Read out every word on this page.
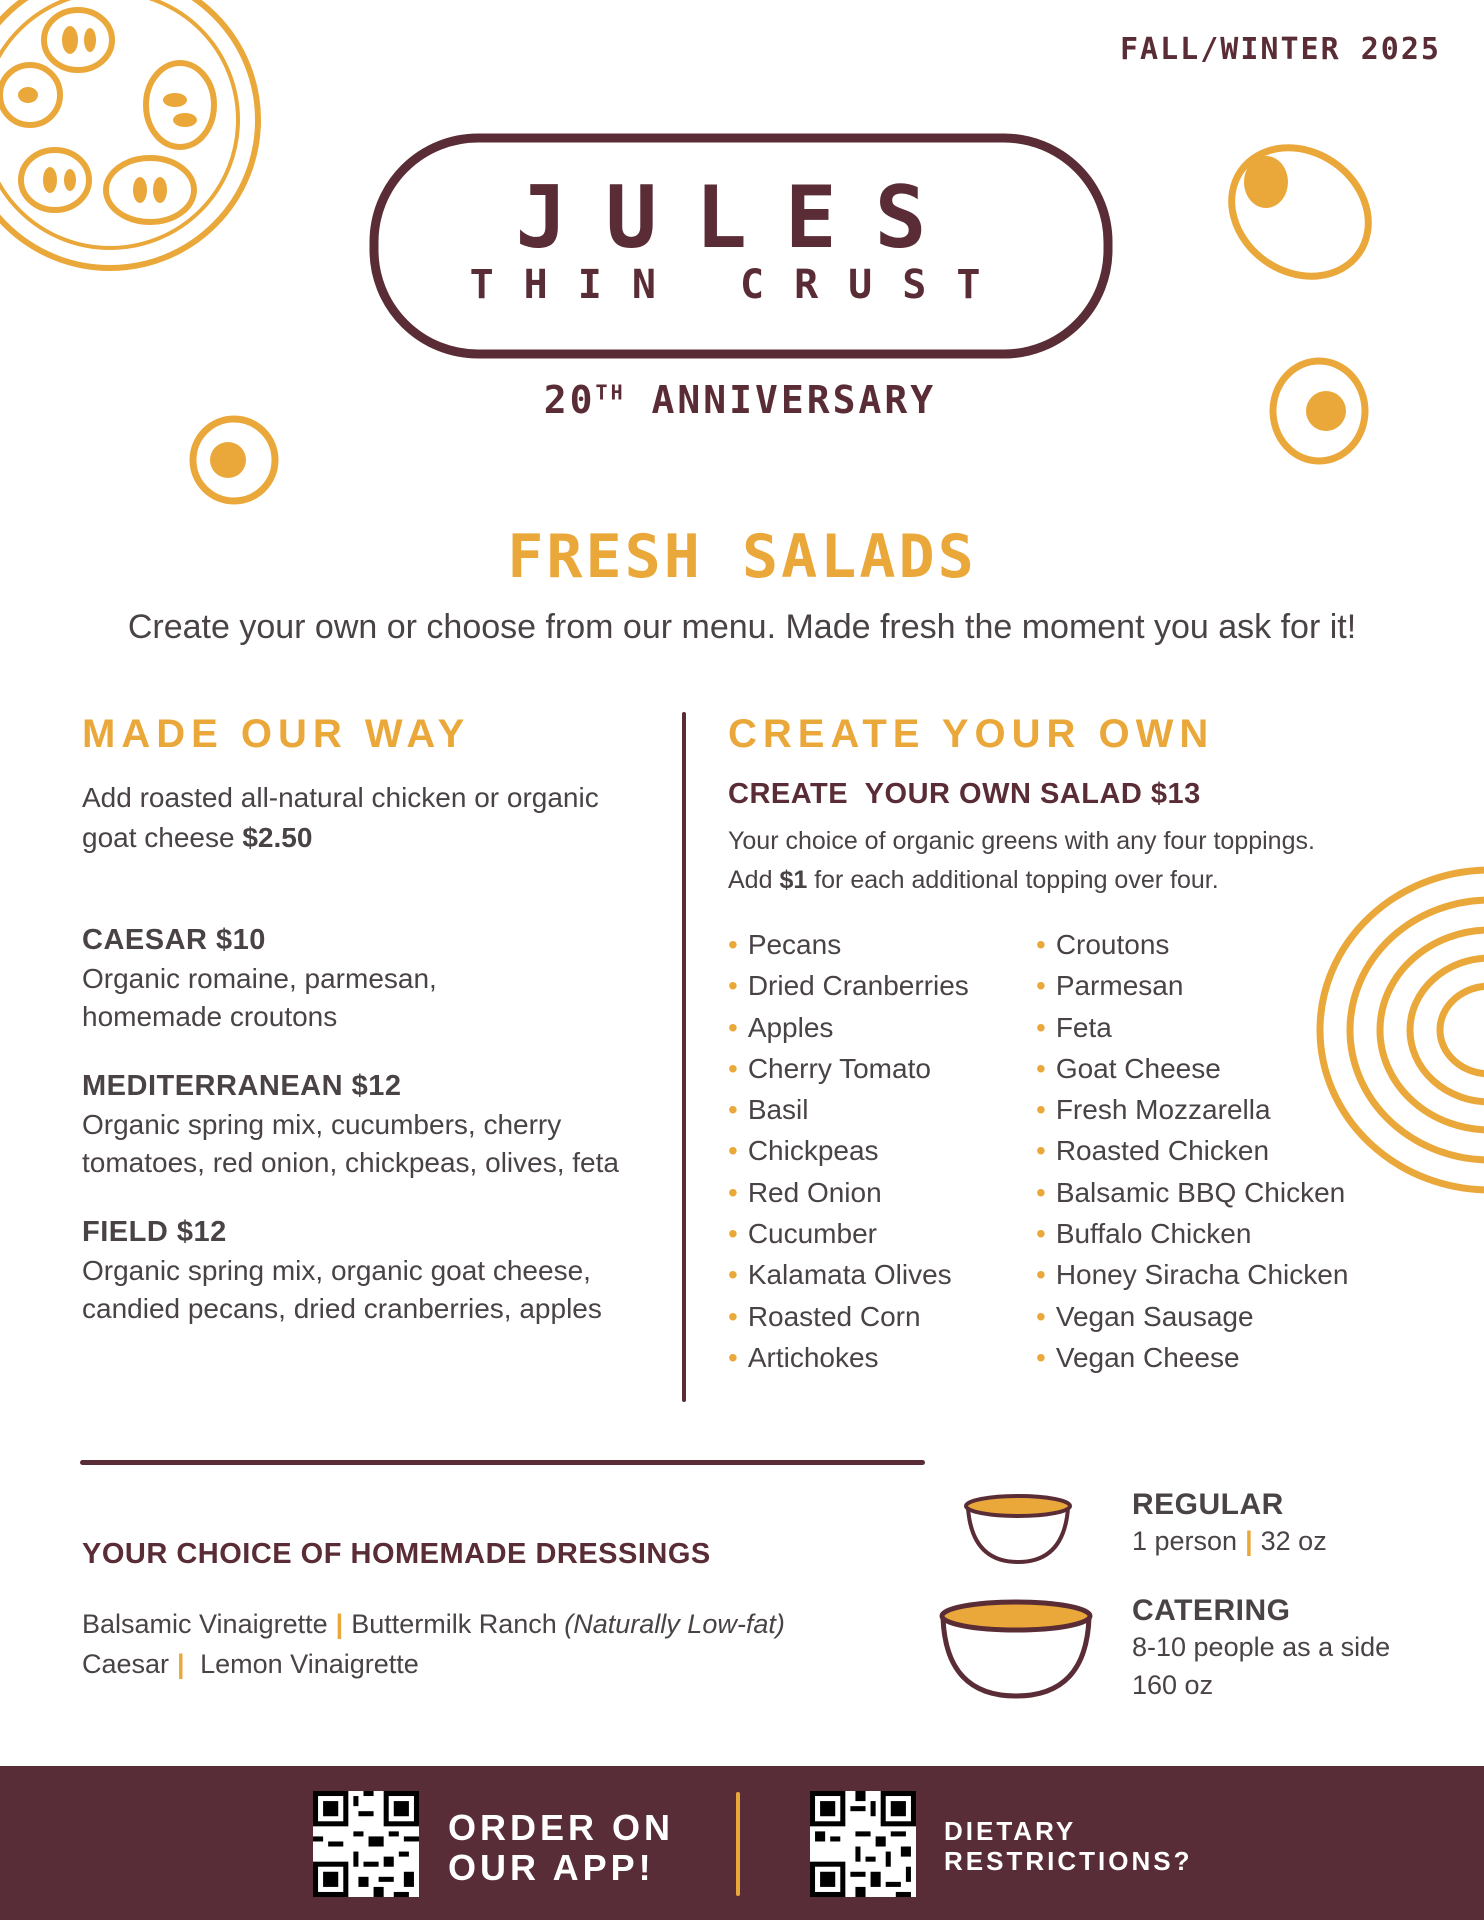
FALL/WINTER 2025
JULES
THIN CRUST
20TH ANNIVERSARY
FRESH SALADS
Create your own or choose from our menu. Made fresh the moment you ask for it!
MADE OUR WAY
Add roasted all-natural chicken or organic goat cheese $2.50
CAESAR $10
Organic romaine, parmesan, homemade croutons
MEDITERRANEAN $12
Organic spring mix, cucumbers, cherry tomatoes, red onion, chickpeas, olives, feta
FIELD $12
Organic spring mix, organic goat cheese, candied pecans, dried cranberries, apples
CREATE YOUR OWN
CREATE  YOUR OWN SALAD $13
Your choice of organic greens with any four toppings.
Add $1 for each additional topping over four.
• Pecans
• Dried Cranberries
• Apples
• Cherry Tomato
• Basil
• Chickpeas
• Red Onion
• Cucumber
• Kalamata Olives
• Roasted Corn
• Artichokes
• Croutons
• Parmesan
• Feta
• Goat Cheese
• Fresh Mozzarella
• Roasted Chicken
• Balsamic BBQ Chicken
• Buffalo Chicken
• Honey Siracha Chicken
• Vegan Sausage
• Vegan Cheese
YOUR CHOICE OF HOMEMADE DRESSINGS
Balsamic Vinaigrette | Buttermilk Ranch (Naturally Low-fat)
Caesar | Lemon Vinaigrette
REGULAR
1 person | 32 oz
CATERING
8-10 people as a side
160 oz
ORDER ON
OUR APP!
DIETARY
RESTRICTIONS?
